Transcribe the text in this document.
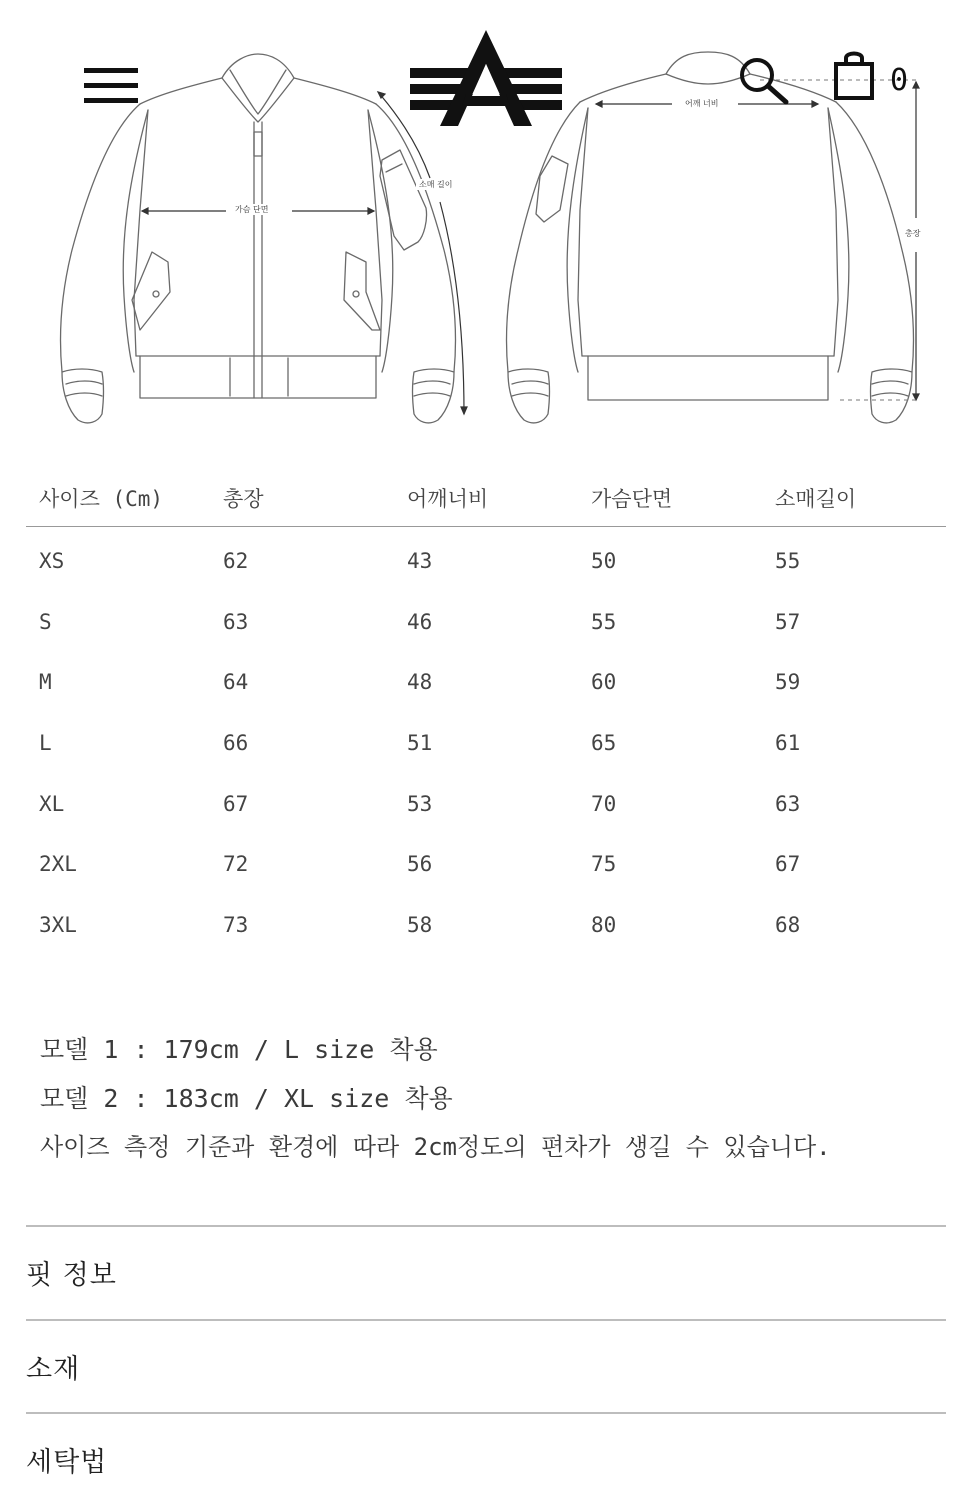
가슴 단면
소매 길이
어깨 너비
총장
0
사이즈 (Cm)	총장	어깨너비	가슴단면	소매길이
XS	62	43	50	55
S	63	46	55	57
M	64	48	60	59
L	66	51	65	61
XL	67	53	70	63
2XL	72	56	75	67
3XL	73	58	80	68
모델 1 : 179cm / L size 착용
모델 2 : 183cm / XL size 착용
사이즈 측정 기준과 환경에 따라 2cm정도의 편차가 생길 수 있습니다.
핏 정보
소재
세탁법
